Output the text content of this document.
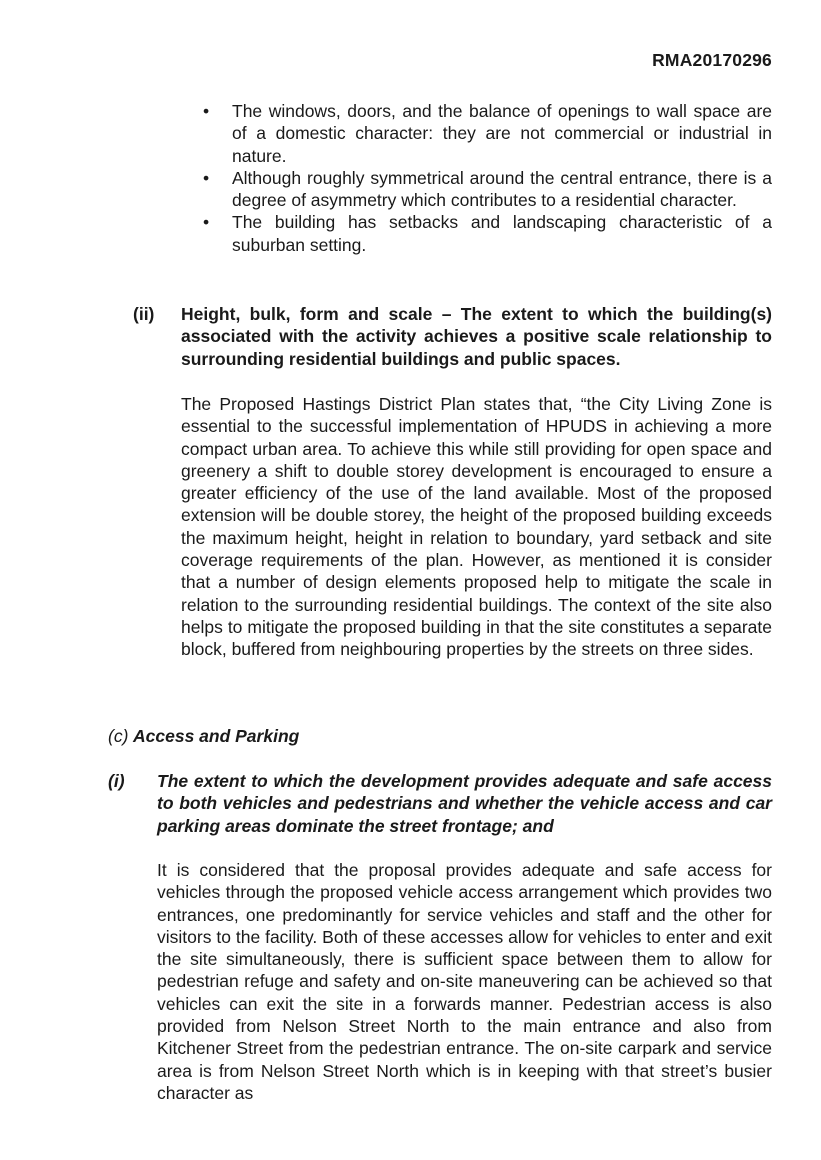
RMA20170296
• The windows, doors, and the balance of openings to wall space are of a domestic character: they are not commercial or industrial in nature.
• Although roughly symmetrical around the central entrance, there is a degree of asymmetry which contributes to a residential character.
• The building has setbacks and landscaping characteristic of a suburban setting.
(ii) Height, bulk, form and scale – The extent to which the building(s) associated with the activity achieves a positive scale relationship to surrounding residential buildings and public spaces.
The Proposed Hastings District Plan states that, “the City Living Zone is essential to the successful implementation of HPUDS in achieving a more compact urban area. To achieve this while still providing for open space and greenery a shift to double storey development is encouraged to ensure a greater efficiency of the use of the land available. Most of the proposed extension will be double storey, the height of the proposed building exceeds the maximum height, height in relation to boundary, yard setback and site coverage requirements of the plan. However, as mentioned it is consider that a number of design elements proposed help to mitigate the scale in relation to the surrounding residential buildings. The context of the site also helps to mitigate the proposed building in that the site constitutes a separate block, buffered from neighbouring properties by the streets on three sides.
(c) Access and Parking
(i) The extent to which the development provides adequate and safe access to both vehicles and pedestrians and whether the vehicle access and car parking areas dominate the street frontage; and
It is considered that the proposal provides adequate and safe access for vehicles through the proposed vehicle access arrangement which provides two entrances, one predominantly for service vehicles and staff and the other for visitors to the facility. Both of these accesses allow for vehicles to enter and exit the site simultaneously, there is sufficient space between them to allow for pedestrian refuge and safety and on-site maneuvering can be achieved so that vehicles can exit the site in a forwards manner. Pedestrian access is also provided from Nelson Street North to the main entrance and also from Kitchener Street from the pedestrian entrance. The on-site carpark and service area is from Nelson Street North which is in keeping with that street’s busier character as
